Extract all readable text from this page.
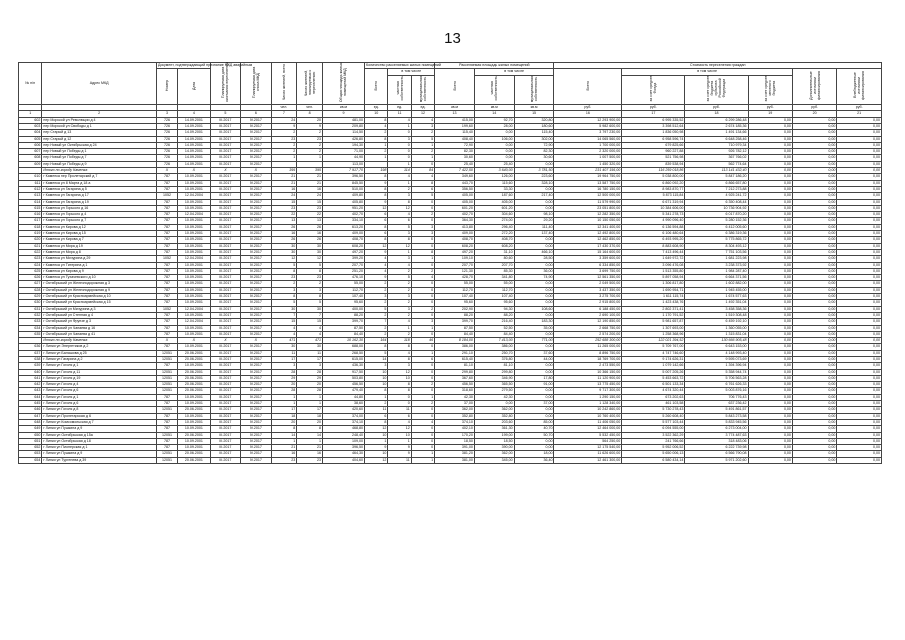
13
№ п/п	Адрес МКД	Документ, подтверждающий признание МКД аварийным		Планируемая дата окончания переселения	Планируемая дата сноса МКД	Число жителей, всего	Число жителей, планируемых к переселению	Общая площадь жилых помещений МКД	Количество расселяемых жилых помещений			Расселяемая площадь жилых помещений			Стоимость переселения граждан					
		Номер	Дата						Всего	в том числе		Всего	в том числе		Всего	в том числе			Дополнительные источники финансирования	Внебюджетные источники финансирования
										частная собственность	муниципальная собственность		частная собственность	муниципальная собственность		за счет средств Фонда	за счет средств бюджета субъекта Российской Федерации	за счет средств местного бюджета		
						чел.	чел.	кв.м	ед.	ед.	ед.	кв.м	кв.м	кв.м	руб.	руб.	руб.	руб.	руб.	руб.
1	2	3	4	5	6	7	8	9	10	11	12	13	14	15	16	17	18	19	20	21
602	пер Морской ул Революции д 4	726	14.09.2001	III.2017	IV.2017	24	20	481,00	8	4	4	415,00	92,70	320,80	12 293 900,00	6 995 335,52	6 299 286,48	0,00	0,00	0,00
603	пер Морской ул Свободы д 1	726	14.09.2001	III.2017	IV.2017	9	9	209,80	4	1	3	199,60	28,00	180,60	5 982 600,00	3 398 512,64	2 674 185,36	0,00	0,00	0,00
604	пер Старый д 13	726	14.09.2001	III.2017	IV.2017	2	2	114,50	2	0	2	115,40	0,00	115,40	3 797 230,00	1 836 050,98	1 491 134,66	0,00	0,00	0,00
605	пер Старый д 12	726	14.09.2001	III.2017	IV.2017	23	23	426,80	8	3	5	408,40	106,00	302,00	14 065 560,00	6 958 596,74	6 648 258,46	0,00	0,00	0,00
606	пер Новый ул Октябрьская д 24	726	14.09.2001	III.2017	IV.2017	2	2	194,30	1	0	1	72,90	0,00	72,90	1 700 000,00	679 825,66	710 979,34	0,00	0,00	0,00
607	пер Новый ул Победы д 1	726	14.09.2001	III.2017	IV.2017	2	2	71,00	2	0	2	82,30	0,00	82,30	2 320 000,00	960 227,88	926 782,12	0,00	0,00	0,00
608	пер Новый ул Победы д 7	726	14.09.2001	III.2017	IV.2017	1	1	44,90	1	0	1	30,60	0,00	30,60	1 007 500,00	521 756,98	367 766,02	0,00	0,00	0,00
609	пер Новый ул Победы д 9	726	14.09.2001	III.2017	IV.2017			113,00		1	0	25,40	25,40	0,00	1 450 320,00	839 538,94	562 774,64	0,00	0,00	0,00
	Итого по городу Каменка	X	X	X	X	395	395	7 917,70	198	114	84	7 422,50	3 640,00	3 781,50	231 407 156,00	116 259 018,86	113 141 432,40	0,00	0,00	0,00
610	г Каменка пер Пролетарский д 7	787	10.09.2001	III.2017	IV.2017	21	21	396,50	8	4	4	349,60	126,00	223,60	19 964 750,00	5 038 800,00	5 847 186,20	0,00	0,00	0,00
611	г Каменка ул 8 Марта д 18 а	787	10.09.2001	III.2017	IV.2017	21	21	845,50	9	1	8	443,70	115,60	328,10	13 587 750,00	6 860 092,20	6 866 657,80	0,00	0,00	0,00
612	г Каменка ул Гагарина д 5	787	10.09.2001	III.2017	IV.2017	16	16	510,00	8	2	6	356,50	33,30	0,00	16 780 150,00	8 983 870,77	7 212 273,88	0,00	0,00	0,00
613	г Каменка ул Гагарина д 17	1052	12.04.2004	III.2017	IV.2017	24	24	409,80	8	3	5	405,00	187,60	217,40	12 500 000,00	5 873 115,84	4 925 241,72	0,00	0,00	0,00
614	г Каменка ул Гагарина д 19	787	10.09.2001	III.2017	IV.2017	15	15	405,80	9	8	0	405,00	405,00	0,00	11 579 990,00	6 671 319,94	6 350 408,44	0,00	0,00	0,00
615	г Каменка ул Горького д 16	787	10.09.2001	III.2017	IV.2017	23	23	951,20	12	12	0	601,20	601,20	0,00	23 051 800,00	10 384 606,00	10 736 904,92	0,00	0,00	0,00
616	г Каменка ул Горького д 4	787	12.04.2004	III.2017	IV.2017	22	22	402,70	6	4	2	402,70	304,60	98,10	12 282 350,00	5 341 278,73	6 017 870,20	0,00	0,00	0,00
617	г Каменка ул Горького д 7	787	10.09.2001	III.2017	IV.2017	13	13	334,10	6	6	0	364,30	274,00	29,20	10 150 050,00	4 990 096,40	5 280 152,36	0,00	0,00	0,00
618	г Каменка ул Кирова д 12	787	10.09.2001	III.2017	IV.2017	26	26	613,20	8	5	3	413,80	296,40	111,40	12 341 400,00	6 136 594,88	6 412 005,60	0,00	0,00	0,00
619	г Каменка ул Кирова д 15	787	10.09.2001	III.2017	IV.2017	16	16	409,00	6	3	3	409,00	272,20	137,40	12 492 800,00	6 106 480,64	6 386 319,36	0,00	0,00	0,00
620	г Каменка ул Кирова д 7	787	10.09.2001	III.2017	IV.2017	26	26	408,70	8	8	0	408,70	408,70	0,00	12 462 850,00	6 493 995,20	5 775 865,72	0,00	0,00	0,00
621	г Каменка ул Мира д 19	787	10.09.2001	III.2017	IV.2017	30	30	608,20	12	12	0	608,20	608,20	0,00	17 430 370,00	8 883 608,90	8 304 493,12	0,00	0,00	0,00
622	г Каменка ул Мира д 8	787	10.09.2001	III.2017	IV.2017	30	30	497,20	9	1	8	497,20	31,10	466,10	15 164 600,00	7 413 496,44	7 751 103,56	0,00	0,00	0,00
623	г Каменка ул Мичурина д 29	1052	12.04.2004	III.2017	IV.2017	12	12	399,20	4	3	1	109,10	80,60	28,50	3 359 600,00	1 649 972,72	1 681 223,98	0,00	0,00	0,00
624	г Каменка ул Титерина д 1	787	10.09.2001	III.2017	IV.2017	5	5	207,70	4	4	0	207,70	207,70	0,00	6 334 850,00	3 096 476,08	3 238 373,92	0,00	0,00	0,00
625	г Каменка ул Кирова д 9	787	10.09.2001	III.2017	IV.2017	8	8	251,20	4	2	2	121,30	85,30	36,00	3 699 750,00	1 513 355,80	1 984 287,40	0,00	0,00	0,00
626	г Каменка ул Тухачевского д 10	787	10.09.2001	III.2017	IV.2017	23	23	476,10	9	5	4	428,70	341,80	74,90	12 561 350,00	5 897 058,94	6 664 371,56	0,00	0,00	0,00
627	г Октябрьский ул Железнодорожная д 3	787	10.09.2001	III.2017	IV.2017	2	2	55,00	2	2	0	55,00	55,00	0,00	2 049 500,00	1 306 817,80	1 602 882,00	0,00	0,00	0,00
628	г Октябрьский ул Железнодорожная д 9	787	10.09.2001	III.2017	IV.2017	3	3	112,70	2	2	0	112,70	112,70	0,00	3 437 350,00	1 690 954,71	1 945 455,00	0,00	0,00	0,00
629	г Октябрьский ул Красноармейская д 10	787	10.09.2001	III.2017	IV.2017	8	8	107,40	3	3	0	107,40	107,40	0,00	3 275 700,00	1 611 115,74	1 674 577,63	0,00	0,00	0,00
630	г Октябрьский ул Красноармейская д 15	787	10.09.2001	III.2017	IV.2017	5	5	95,60	2	2	0	95,60	95,60	0,00	2 915 800,00	1 423 438,76	1 492 351,04	0,00	0,00	0,00
631	г Октябрьский ул Мичурина д 3	1052	12.04.2004	III.2017	IV.2017	30	30	400,00	5	3	2	202,90	94,30	108,60	6 188 450,00	2 802 371,41	3 458 358,36	0,00	0,00	0,00
632	г Октябрьский ул Степная д 4	787	10.09.2001	III.2017	IV.2017	7	7	88,20	2	2	0	88,20	88,20	0,00	2 690 100,00	1 170 791,52	1 519 308,48	0,00	0,00	0,00
633	г Октябрьский ул Фрунзе д 3	787	12.04.2004	III.2017	IV.2017	15	15	399,70	7	4	3	399,70	216,40	183,30	12 190 850,00	5 981 657,87	6 459 192,10	0,00	0,00	0,00
634	г Октябрьский ул Чапаева д 16	787	10.09.2001	III.2017	IV.2017	4	4	87,50	2	1	1	87,50	52,50	35,00	2 668 750,00	1 307 693,00	1 360 055,00	0,00	0,00	0,00
635	г Октябрьский ул Чапаева д 41	787	10.09.2001	III.2017	IV.2017	4	4	84,40	2	2	0	84,40	84,40	0,00	2 574 200,00	1 258 368,96	1 315 831,04	0,00	0,00	0,00
	Итого по городу Каменка	X	X	X	X	471	471	10 162,30	164	118	46	8 184,00	7 413,00	771,00	252 688 300,00	122 021 394,52	130 666 905,48	0,00	0,00	0,00
636	г Липки ул Энергетиков д 2	787	10.09.2001	III.2017	IV.2017	30	30	688,00	8	8	0	386,00	386,00	0,00	11 265 000,00	5 709 767,00	6 643 153,00	0,00	0,00	0,00
637	г Липки ул Балашова д 25	12051	20.06.2001	III.2017	IV.2017	11	11	268,50	5	4	1	291,10	250,70	37,60	8 896 750,00	4 747 746,60	4 148 993,40	0,00	0,00	0,00
638	г Липки ул Гагарина д 2	12051	20.06.2001	III.2017	IV.2017	17	17	615,00	14	8	6	615,40	376,80	44,00	18 769 700,00	9 174 626,31	9 595 073,69	0,00	0,00	0,00
639	г Липки ул Гоголя д 1	787	10.09.2001	III.2017	IV.2017	3	3	436,30	3	3	0	81,10	81,10	0,00	2 473 550,00	1 079 142,66	1 394 396,94	0,00	0,00	0,00
640	г Липки ул Гоголя д 11	12051	20.06.2001	III.2017	IV.2017	28	28	917,50	10	12	0	299,80	299,80	0,00	10 366 150,00	5 007 205,26	5 358 944,74	0,00	0,00	0,00
641	г Липки ул Гоголя д 19	12051	20.06.2001	III.2017	IV.2017	29	29	503,80	10	10	0	367,60	346,90	17,80	11 120 900,00	5 453 663,72	5 706 563,28	0,00	0,00	0,00
642	г Липки ул Гоголя д 4	12051	20.06.2001	III.2017	IV.2017	20	20	456,50	10	8	2	456,50	365,50	91,00	13 775 450,00	6 501 133,34	6 761 626,33	0,00	0,00	0,00
643	г Липки ул Гоголя д 6	12051	20.06.2001	III.2017	IV.2017	28	28	479,40	8	8	0	318,60	279,50	0,00	9 717 300,00	4 674 320,44	5 003 876,16	0,00	0,00	0,00
644	г Липки ул Гоголя д 1	787	10.09.2001	III.2017	IV.2017	1	1	44,80	1	0	1	42,30	42,30	0,00	1 290 150,00	673 202,63	706 776,43	0,00	0,00	0,00
645	г Липки ул Гоголя д 6	787	10.09.2001	III.2017	IV.2017	1	1	38,60	2	0	2	37,00	0,00	37,00	1 128 340,00	461 103,58	637 236,42	0,00	0,00	0,00
646	г Липки ул Гоголя д 8	12051	20.06.2001	III.2017	IV.2017	17	17	420,60	11	11	0	362,00	362,00	0,00	10 242 860,00	5 730 278,43	5 491 861,57	0,00	0,00	0,00
647	г Липки ул Пролетарская д 6	787	10.09.2001	III.2017	IV.2017	18	18	374,00	6	6	0	352,80	352,80	0,00	10 760 400,00	5 260 608,40	5 843 273,58	0,00	0,00	0,00
648	г Липки ул Комсомольская д 7	787	10.09.2001	III.2017	IV.2017	20	20	374,10	8	4	4	374,10	203,60	85,00	11 406 050,00	5 577 103,44	5 833 945,56	0,00	0,00	0,00
649	г Липки ул Пушкина д 9	787	10.09.2001	III.2017	IV.2017	8	8	468,80	12	12	0	402,10	361,30	40,70	12 464 000,00	6 094 555,00	6 273 004,00	0,00	0,00	0,00
650	г Липки ул Октябрьская д 15а	12051	20.06.2001	III.2017	IV.2017	14	14	248,40	10	10	0	170,20	199,00	50,70	5 532 450,00	3 522 362,29	3 774 487,63	0,00	0,00	0,00
651	г Липки ул Октябрьская д 18	787	10.09.2001	III.2017	IV.2017	1	1	109,00	1	1	0	18,50	18,50	0,00	564 250,00	241 766,66	318 483,06	0,00	0,00	0,00
652	г Липки ул Пионерская д 1	787	10.09.2001	III.2017	IV.2017	21	21	396,50	9	9	0	391,00	390,00	0,00	12 175 540,00	5 952 006,52	6 222 739,98	0,00	0,00	0,00
653	г Липки ул Пушкина д 9	12051	20.06.2001	III.2017	IV.2017	16	16	464,30	10	9	1	381,20	362,00	18,00	11 626 600,00	5 650 006,13	6 566 790,08	0,00	0,00	0,00
654	г Липки ул Тургенева д 39	12051	20.06.2001	III.2017	IV.2017	23	23	404,60	12	11	1	381,00	345,00	36,40	12 461 300,00	6 580 434,14	5 971 202,60	0,00	0,00	0,00
